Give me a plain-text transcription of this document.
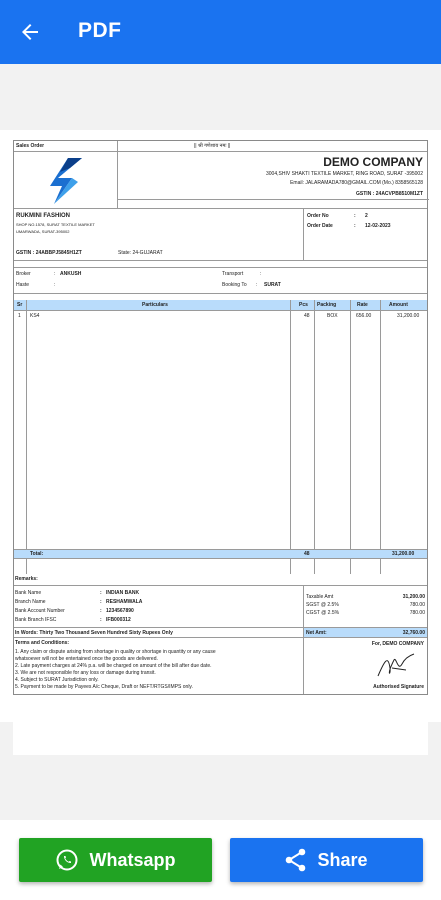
PDF
Sales Order	|| श्री गणेशाय नमः ||
DEMO COMPANY
3004,SHIV SHAKTI TEXTILE MARKET, RING ROAD, SURAT -395002
Email: JALARAMADA780@GMAIL.COM (Mo.) 8358565128
GSTIN : 24ACVPB8510M1ZT
RUKMINI FASHION
SHOP NO.1578, SURAT TEXTILE MARKET
UMARWADA, SURAT-395002
GSTIN : 24ABBPJ5845H1ZT	State: 24-GUJARAT
Order No	: 2
Order Date	: 12-02-2023
Broker	: ANKUSH
Haste	:
Transport	:
Booking To : SURAT
Sr	Particulars	Pcs Packing	Rate	Amount
1 KS4	48	BOX	656.00	31,200.00
Total:	48	31,200.00
Remarks:
Bank Name	: INDIAN BANK
Branch Name	: RESHAMWALA
Bank Account Number	: 1234567890
Bank Branch IFSC	: IFB000312
Taxable Amt	31,200.00
SGST @ 2.5%	780.00
CGST @ 2.5%	780.00
In Words: Thirty Two Thousand Seven Hundred Sixty Rupees Only	Net Amt:	32,760.00
Terms and Conditions:
1. Any claim or dispute arising from shortage in quality or shortage in quantity or any cause
whatsoever will not be entertained once the goods are delivered.
2. Late payment charges at 24% p.a. will be charged on amount of the bill after due date.
3. We are not responsible for any loss or damage during transit.
4. Subject to SURAT Jurisdiction only.
5. Payment to be made by Payees A/c Cheque, Draft or NEFT/RTGS/IMPS only.
For, DEMO COMPANY
Authorised Signature
Whatsapp	Share
